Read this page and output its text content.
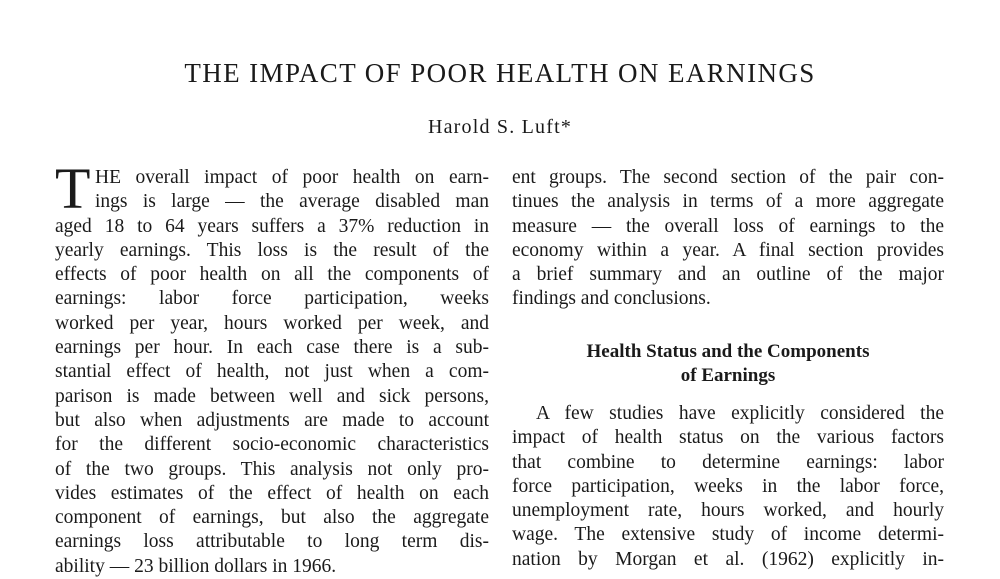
THE IMPACT OF POOR HEALTH ON EARNINGS
Harold S. Luft*
T HE overall impact of poor health on earn-
ings is large — the average disabled man
aged 18 to 64 years suffers a 37% reduction in
yearly earnings. This loss is the result of the
effects of poor health on all the components of
earnings: labor force participation, weeks
worked per year, hours worked per week, and
earnings per hour. In each case there is a sub-
stantial effect of health, not just when a com-
parison is made between well and sick persons,
but also when adjustments are made to account
for the different socio-economic characteristics
of the two groups. This analysis not only pro-
vides estimates of the effect of health on each
component of earnings, but also the aggregate
earnings loss attributable to long term dis-
ability — 23 billion dollars in 1966.
ent groups. The second section of the pair con-
tinues the analysis in terms of a more aggregate
measure — the overall loss of earnings to the
economy within a year. A final section provides
a brief summary and an outline of the major
findings and conclusions.
Health Status and the Components
of Earnings
A few studies have explicitly considered the
impact of health status on the various factors
that combine to determine earnings: labor
force participation, weeks in the labor force,
unemployment rate, hours worked, and hourly
wage. The extensive study of income determi-
nation by Morgan et al. (1962) explicitly in-
